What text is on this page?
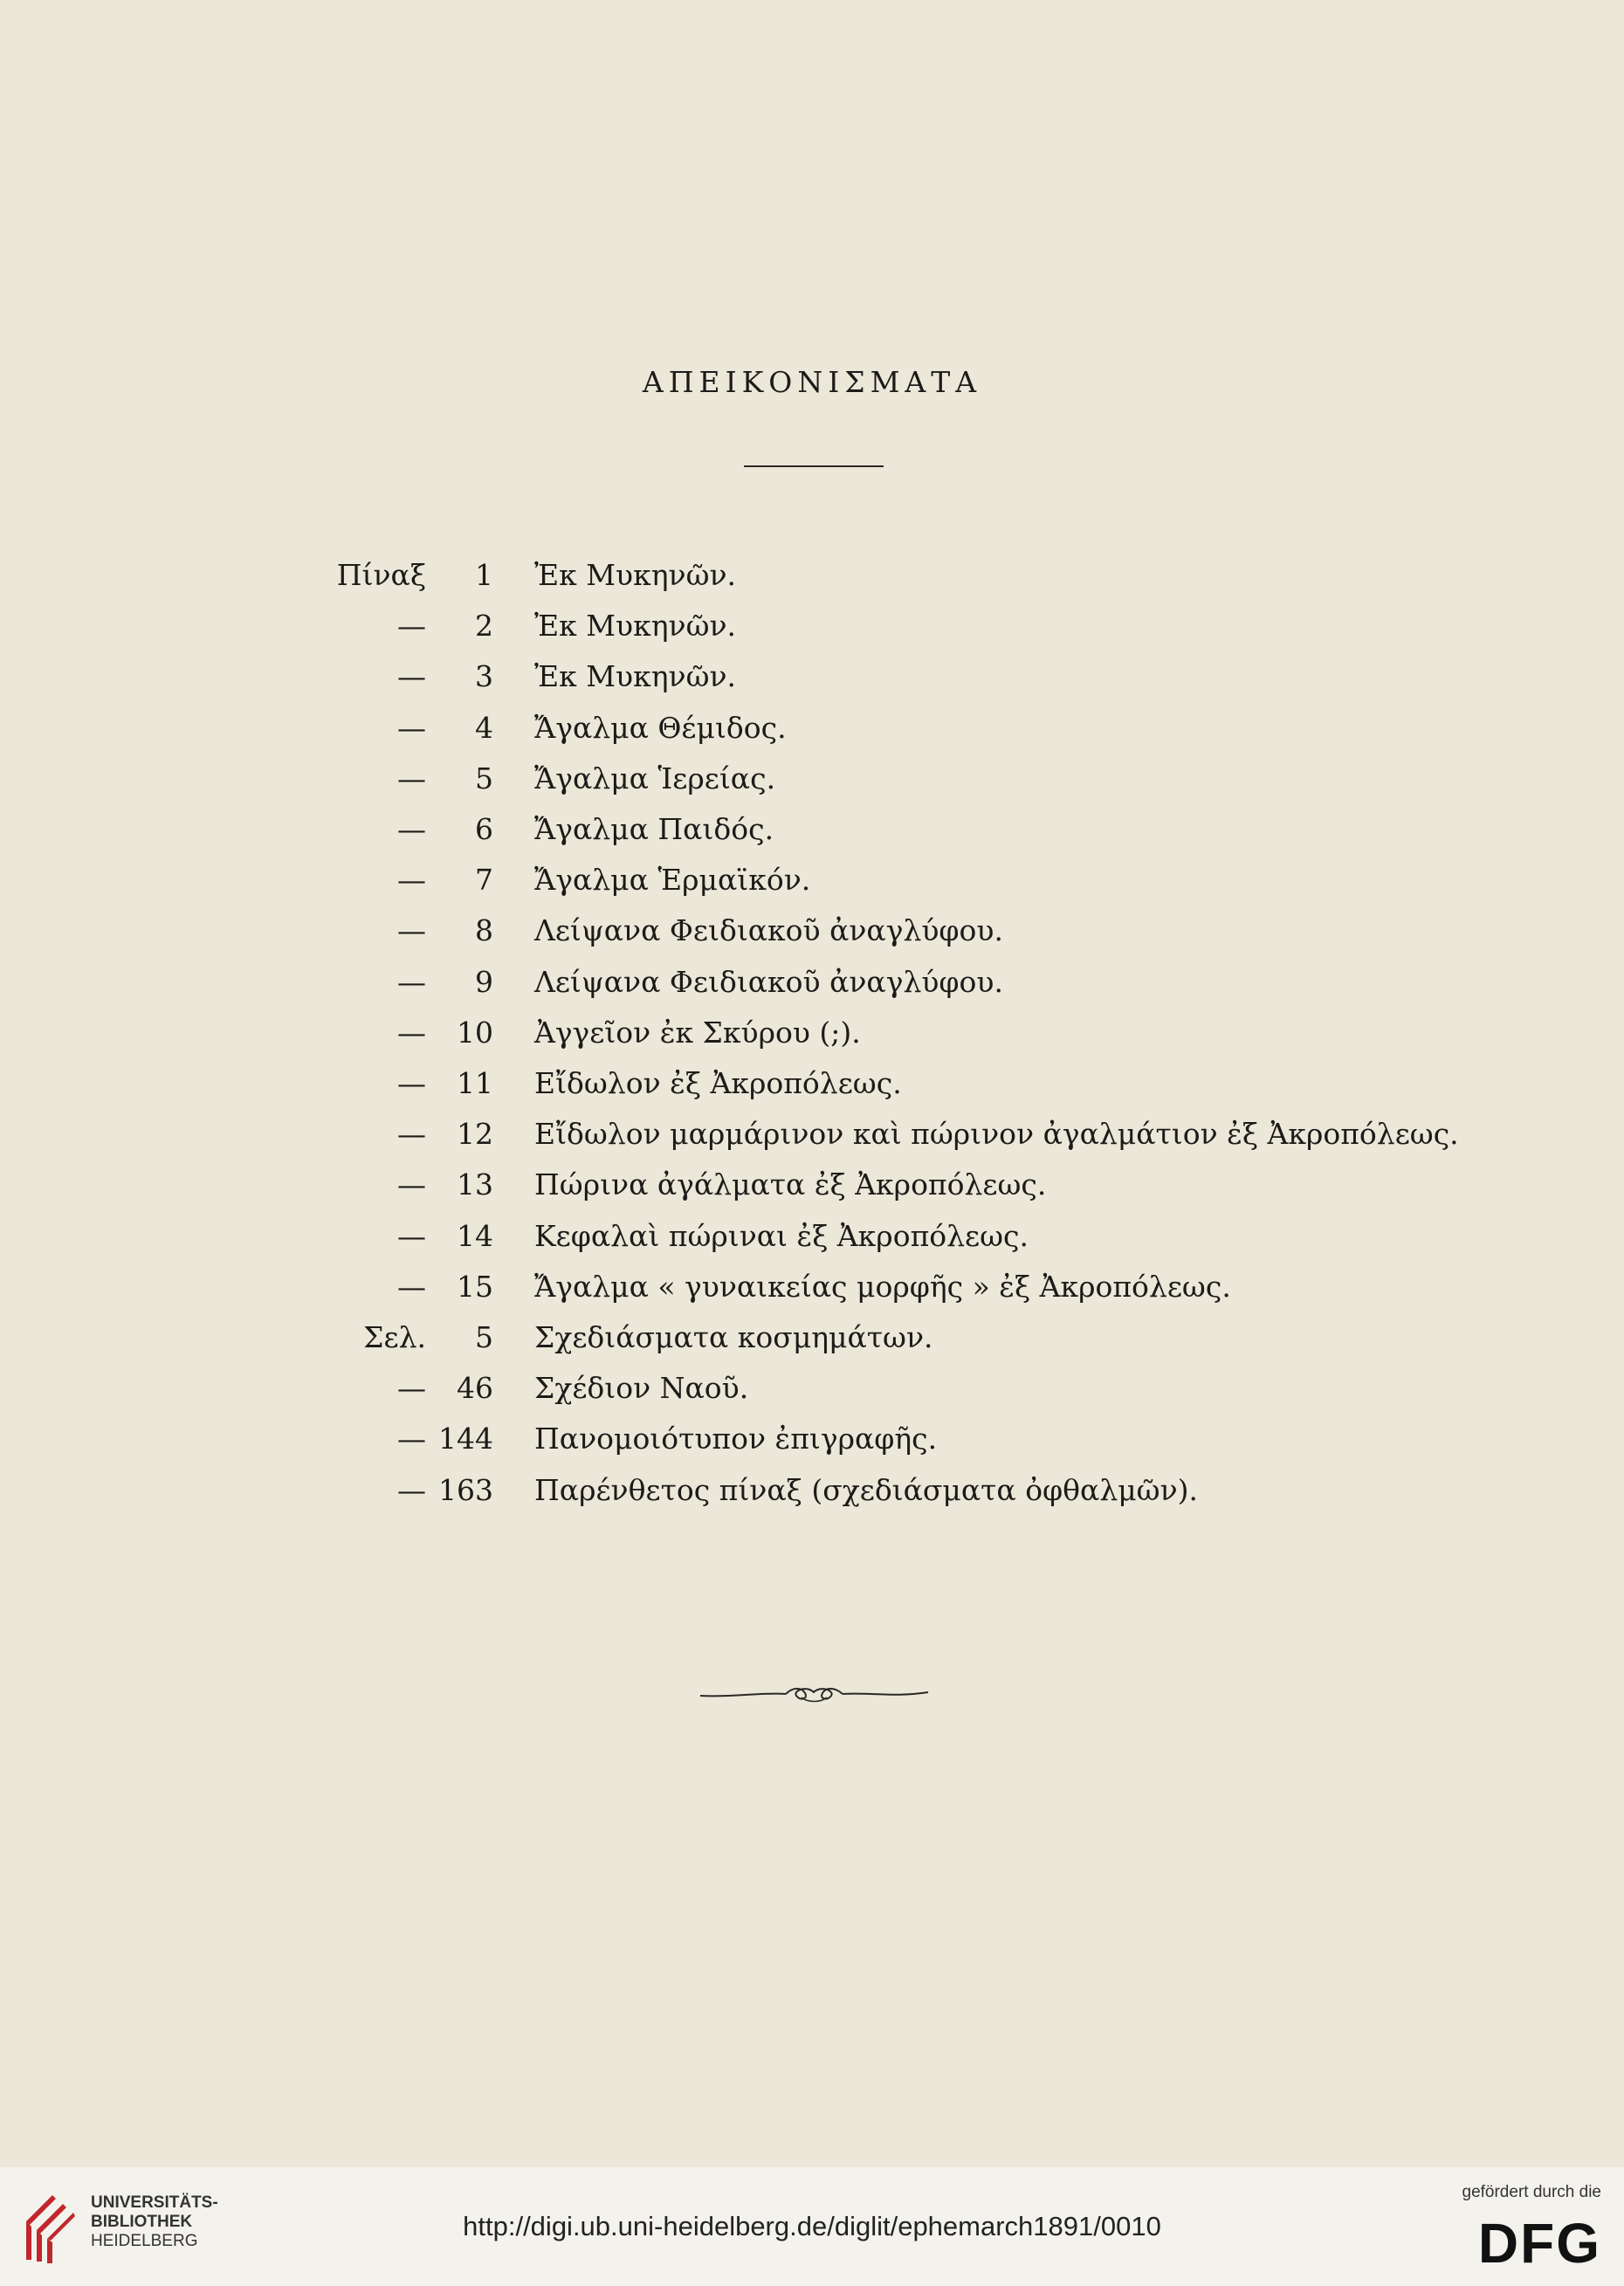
ΑΠΕΙΚΟΝΙΣΜΑΤΑ
Πίναξ 1 Ἐκ Μυκηνῶν.
— 2 Ἐκ Μυκηνῶν.
— 3 Ἐκ Μυκηνῶν.
— 4 Ἄγαλμα Θέμιδος.
— 5 Ἄγαλμα Ἱερείας.
— 6 Ἄγαλμα Παιδός.
— 7 Ἄγαλμα Ἑρμαϊκόν.
— 8 Λείψανα Φειδιακοῦ ἀναγλύφου.
— 9 Λείψανα Φειδιακοῦ ἀναγλύφου.
— 10 Ἀγγεῖον ἐκ Σκύρου (;).
— 11 Εἴδωλον ἐξ Ἀκροπόλεως.
— 12 Εἴδωλον μαρμάρινον καὶ πώρινον ἀγαλμάτιον ἐξ Ἀκροπόλεως.
— 13 Πώρινα ἀγάλματα ἐξ Ἀκροπόλεως.
— 14 Κεφαλαὶ πώριναι ἐξ Ἀκροπόλεως.
— 15 Ἄγαλμα « γυναικείας μορφῆς » ἐξ Ἀκροπόλεως.
Σελ. 5 Σχεδιάσματα κοσμημάτων.
— 46 Σχέδιον Ναοῦ.
— 144 Πανομοιότυπον ἐπιγραφῆς.
— 163 Παρένθετος πίναξ (σχεδιάσματα ὀφθαλμῶν).
UNIVERSITÄTS-
BIBLIOTHEK
HEIDELBERG	http://digi.ub.uni-heidelberg.de/diglit/ephemarch1891/0010
gefördert durch die
DFG
